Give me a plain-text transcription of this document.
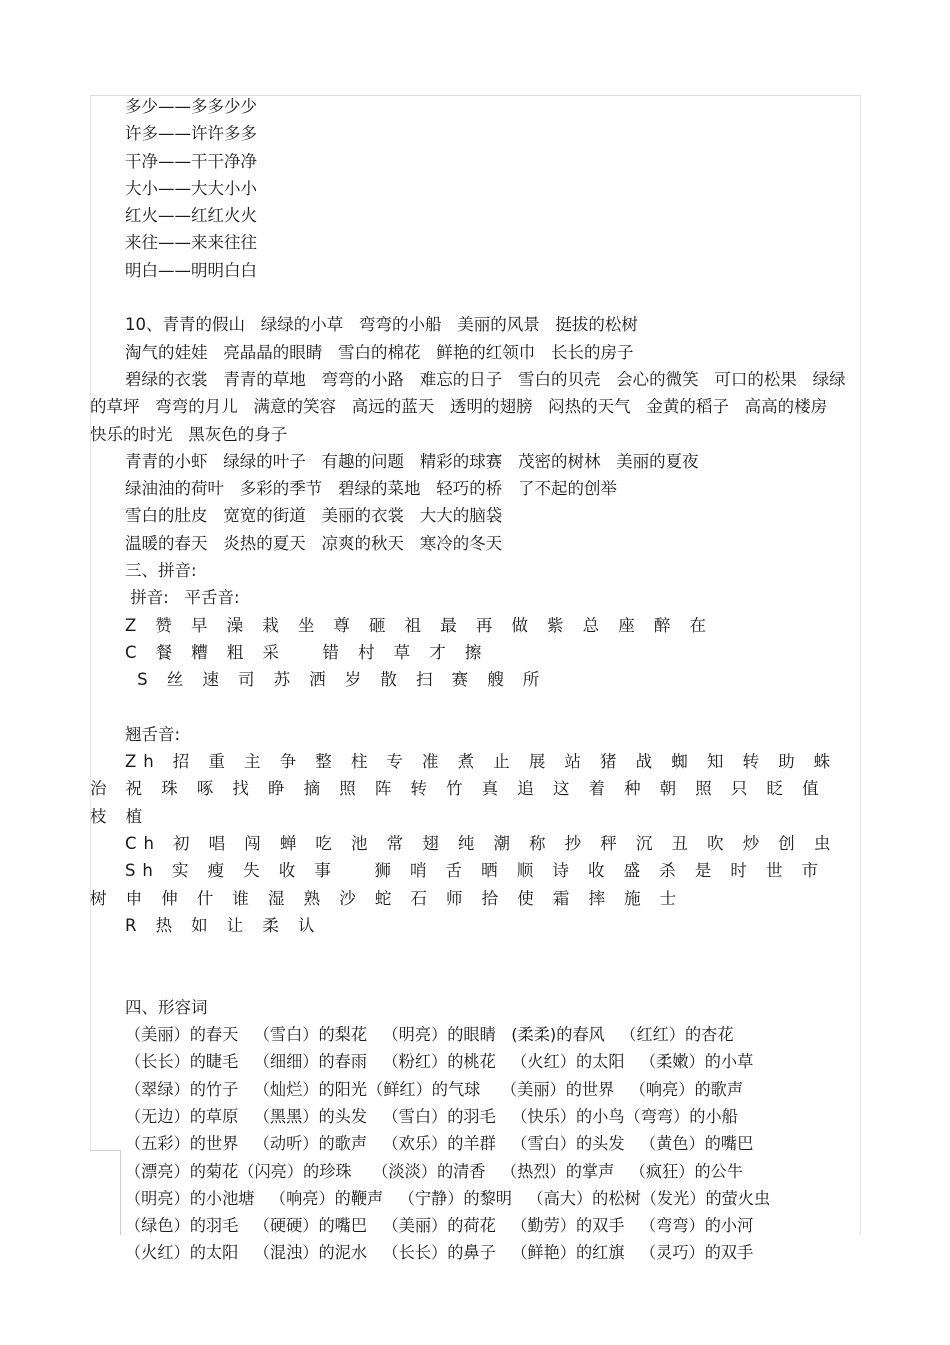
多少——多多少少
许多——许许多多
干净——干干净净
大小——大大小小
红火——红红火火
来往——来来往往
明白——明明白白
10、青青的假山   绿绿的小草   弯弯的小船   美丽的风景   挺拔的松树
淘气的娃娃   亮晶晶的眼睛   雪白的棉花   鲜艳的红领巾   长长的房子
碧绿的衣裳   青青的草地   弯弯的小路   难忘的日子   雪白的贝壳   会心的微笑   可口的松果   绿绿的草坪   弯弯的月儿   满意的笑容   高远的蓝天   透明的翅膀   闷热的天气   金黄的稻子   高高的楼房   快乐的时光   黑灰色的身子
青青的小虾   绿绿的叶子   有趣的问题   精彩的球赛   茂密的树林   美丽的夏夜
绿油油的荷叶   多彩的季节   碧绿的菜地   轻巧的桥   了不起的创举
雪白的肚皮   宽宽的街道   美丽的衣裳   大大的脑袋
温暖的春天   炎热的夏天   凉爽的秋天   寒冷的冬天
三、拼音:
拼音:   平舌音:
Z 赞 早 澡 栽 坐 尊 砸 祖 最 再 做 紫 总 座 醉 在
C 餐 糟 粗 采   错 村 草 才 擦
S 丝 速 司 苏 洒 岁 散 扫 赛 艘 所
翘舌音:
Zh 招 重 主 争 整 柱 专 准 煮 止 展 站 猪 战 蜘 知 转 助 蛛 治 祝 珠 啄 找 睁 摘 照 阵 转 竹 真 追 这 着 种 朝 照 只 眨 值 枝 植
Ch 初 唱 闯 蝉 吃 池 常 翅 纯 潮 称 抄 秤 沉 丑 吹 炒 创 虫
Sh 实 瘦 失 收 事   狮 哨 舌 晒 顺 诗 收 盛 杀 是 时 世 市 树 申 伸 什 谁 湿 熟 沙 蛇 石 师 拾 使 霜 摔 施 士
R 热 如 让 柔 认
四、形容词
（美丽）的春天   （雪白）的梨花   （明亮）的眼睛   (柔柔)的春风   （红红）的杏花
（长长）的睫毛   （细细）的春雨   （粉红）的桃花   （火红）的太阳   （柔嫩）的小草
（翠绿）的竹子   （灿烂）的阳光（鲜红）的气球    （美丽）的世界   （响亮）的歌声
（无边）的草原   （黑黑）的头发   （雪白）的羽毛   （快乐）的小鸟（弯弯）的小船
（五彩）的世界   （动听）的歌声   （欢乐）的羊群   （雪白）的头发   （黄色）的嘴巴
（漂亮）的菊花（闪亮）的珍珠    （淡淡）的清香   （热烈）的掌声   （疯狂）的公牛
（明亮）的小池塘   （响亮）的鞭声   （宁静）的黎明   （高大）的松树（发光）的萤火虫
（绿色）的羽毛   （硬硬）的嘴巴   （美丽）的荷花   （勤劳）的双手   （弯弯）的小河
（火红）的太阳   （混浊）的泥水   （长长）的鼻子   （鲜艳）的红旗   （灵巧）的双手
